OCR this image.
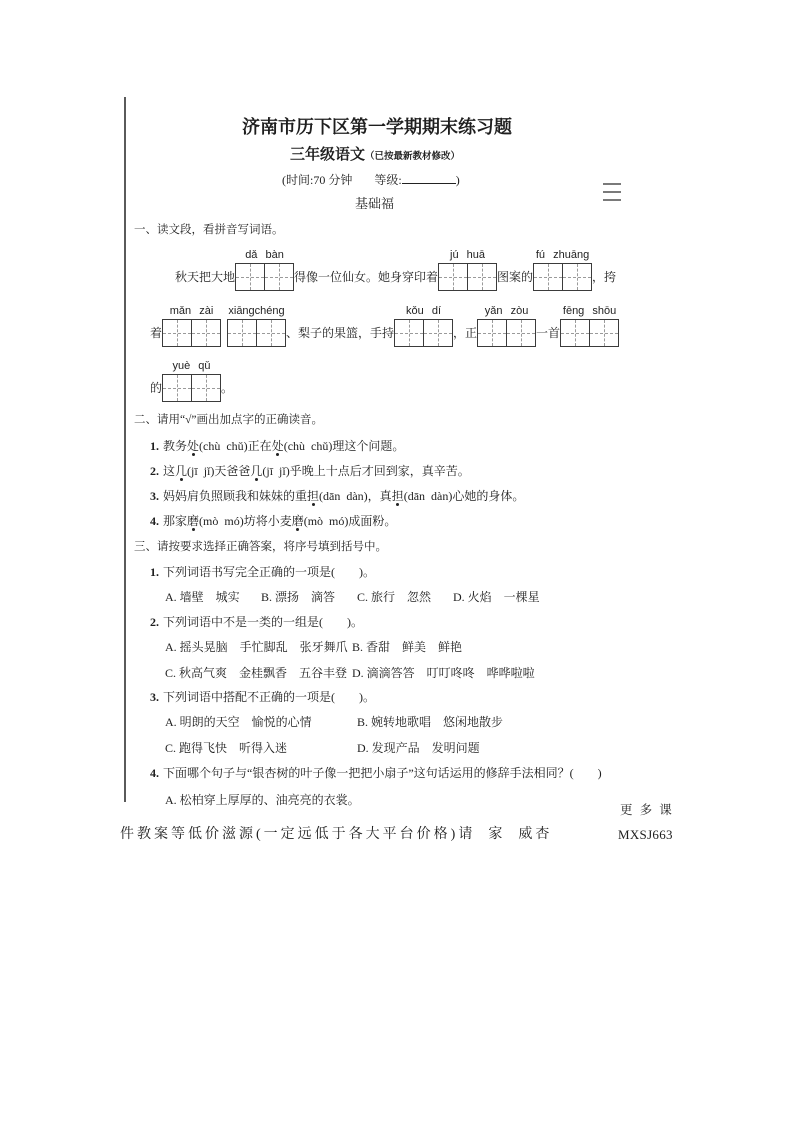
济南市历下区第一学期期末练习题
三年级语文（已按最新教材修改）
(时间:70 分钟 等级:	)
基础福
一、读文段，看拼音写词语。
秋天把大地
dǎ bàn
得像一位仙女。她身穿印着
jú huā
图案的
fú zhuāng
，挎
着
mǎn zài	xiāngchéng
、梨子的果篮，手持
kǒu dí
，正
yǎn zòu
一首
fēng shōu
的
yuè qǔ
。
二、请用“√”画出加点字的正确读音。
1. 教务处(chù  chǔ)正在处(chù  chǔ)理这个问题。
2. 这几(jī  jǐ)天爸爸几(jī  jǐ)乎晚上十点后才回到家，真辛苦。
3. 妈妈肩负照顾我和妹妹的重担(dān  dàn)，真担(dān  dàn)心她的身体。
4. 那家磨(mò  mó)坊将小麦磨(mò  mó)成面粉。
三、请按要求选择正确答案，将序号填到括号中。
1. 下列词语书写完全正确的一项是(　　)。
A. 墙壁　城实 B. 漂扬　滴答 C. 旅行　忽然 D. 火焰　一棵星
2. 下列词语中不是一类的一组是(　　)。
A. 摇头晃脑　手忙脚乱　张牙舞爪 B. 香甜　鲜美　鲜艳
C. 秋高气爽　金桂飘香　五谷丰登 D. 滴滴答答　叮叮咚咚　哗哗啦啦
3. 下列词语中搭配不正确的一项是(　　)。
A. 明朗的天空　愉悦的心情	B. 婉转地歌唱　悠闲地散步
C. 跑得飞快　听得入迷	D. 发现产品　发明问题
4. 下面哪个句子与“银杏树的叶子像一把把小扇子”这句话运用的修辞手法相同？(　　)
A. 松柏穿上厚厚的、油亮亮的衣裳。
更 多 课
件教案等低价滋源(一定远低于各大平台价格)请  家  威杏	MXSJ663
